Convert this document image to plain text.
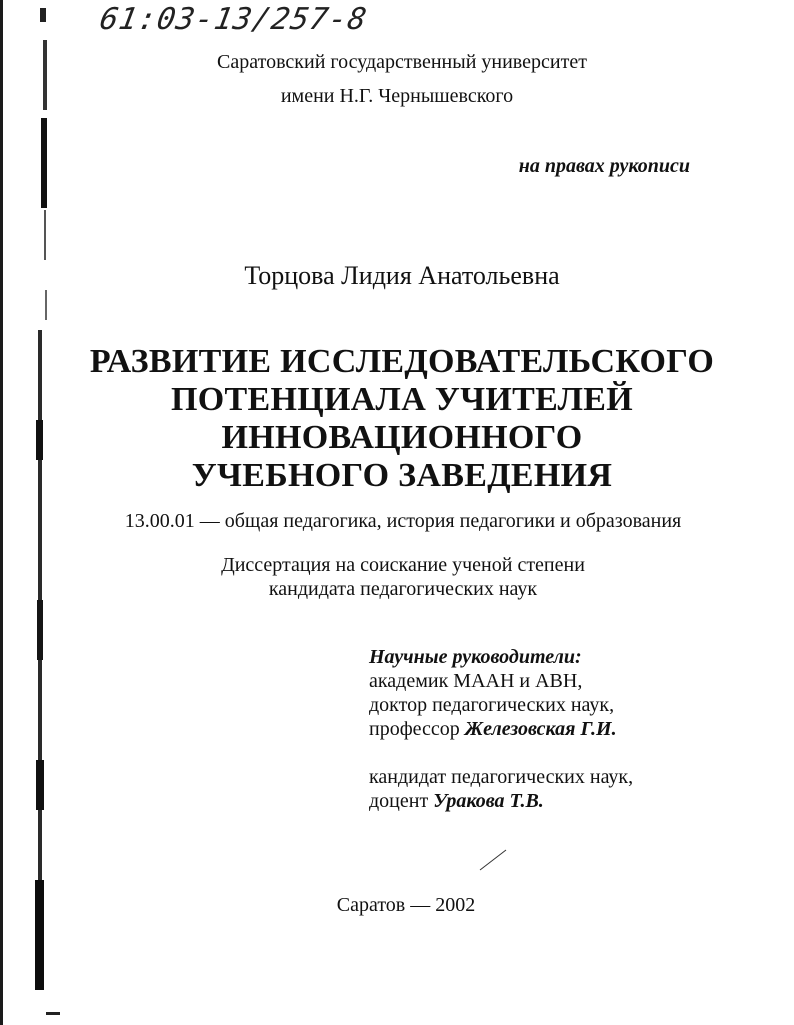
61:03-13/257-8
Саратовский государственный университет
имени Н.Г. Чернышевского
на правах рукописи
Торцова Лидия Анатольевна
РАЗВИТИЕ ИССЛЕДОВАТЕЛЬСКОГО
ПОТЕНЦИАЛА УЧИТЕЛЕЙ
ИННОВАЦИОННОГО
УЧЕБНОГО ЗАВЕДЕНИЯ
13.00.01 — общая педагогика, история педагогики и образования
Диссертация на соискание ученой степени
кандидата педагогических наук
Научные руководители:
академик МААН и АВН,
доктор педагогических наук,
профессор Железовская Г.И.
кандидат педагогических наук,
доцент Уракова Т.В.
Саратов — 2002
